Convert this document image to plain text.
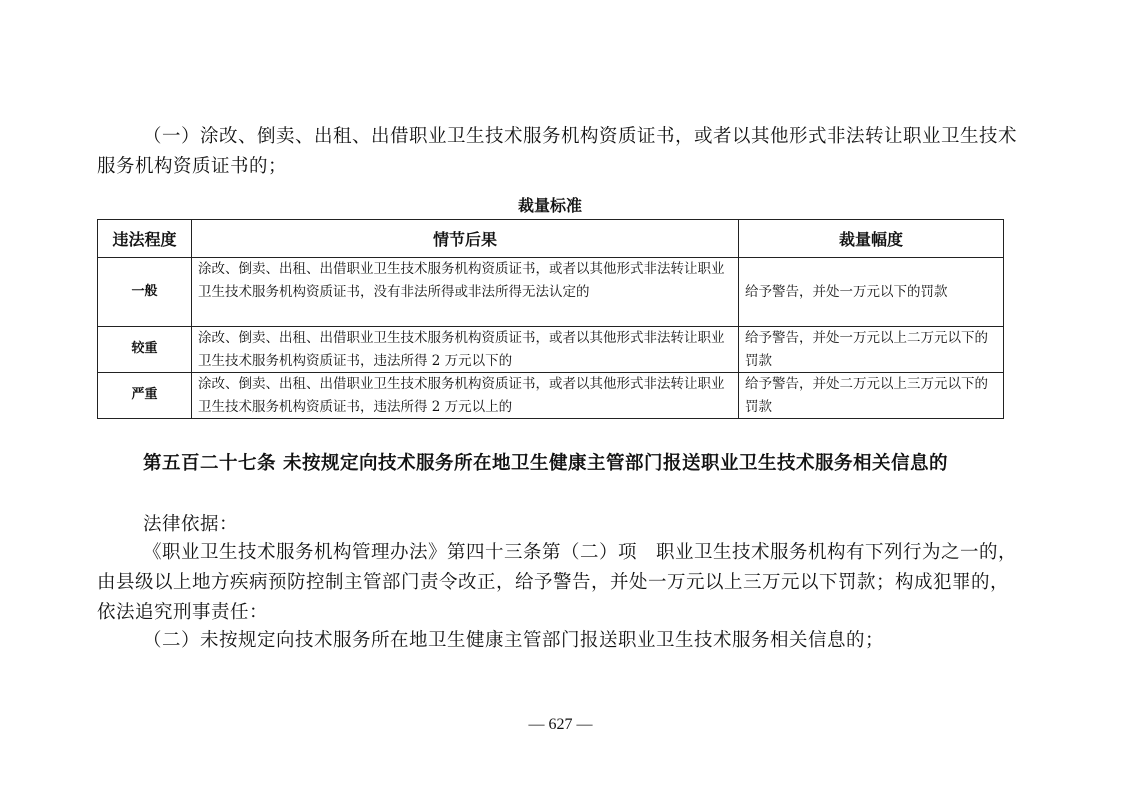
（一）涂改、倒卖、出租、出借职业卫生技术服务机构资质证书，或者以其他形式非法转让职业卫生技术服务机构资质证书的；

裁量标准
违法程度	情节后果	裁量幅度
一般	涂改、倒卖、出租、出借职业卫生技术服务机构资质证书，或者以其他形式非法转让职业卫生技术服务机构资质证书，没有非法所得或非法所得无法认定的	给予警告，并处一万元以下的罚款
较重	涂改、倒卖、出租、出借职业卫生技术服务机构资质证书，或者以其他形式非法转让职业卫生技术服务机构资质证书，违法所得 2 万元以下的	给予警告，并处一万元以上二万元以下的罚款
严重	涂改、倒卖、出租、出借职业卫生技术服务机构资质证书，或者以其他形式非法转让职业卫生技术服务机构资质证书，违法所得 2 万元以上的	给予警告，并处二万元以上三万元以下的罚款
第五百二十七条 未按规定向技术服务所在地卫生健康主管部门报送职业卫生技术服务相关信息的

法律依据：

《职业卫生技术服务机构管理办法》第四十三条第（二）项　职业卫生技术服务机构有下列行为之一的，由县级以上地方疾病预防控制主管部门责令改正，给予警告，并处一万元以上三万元以下罚款；构成犯罪的，依法追究刑事责任：

（二）未按规定向技术服务所在地卫生健康主管部门报送职业卫生技术服务相关信息的；

— 627 —
